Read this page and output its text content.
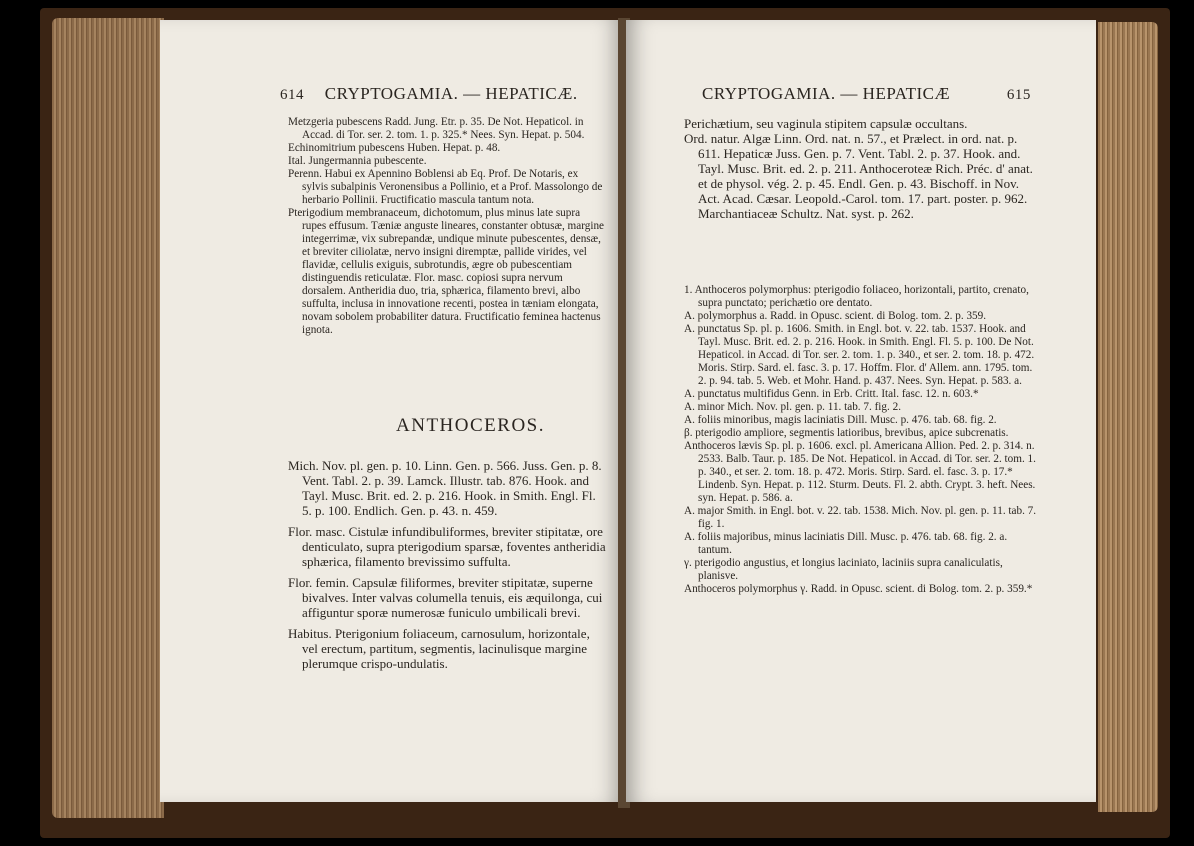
614 CRYPTOGAMIA. — HEPATICÆ.

Metzgeria pubescens Radd. Jung. Etr. p. 35. De Not. Hepaticol. in Accad. di Tor. ser. 2. tom. 1. p. 325.* Nees. Syn. Hepat. p. 504.

Echinomitrium pubescens Huben. Hepat. p. 48.

Ital. Jungermannia pubescente.

Perenn. Habui ex Apennino Boblensi ab Eq. Prof. De Notaris, ex sylvis subalpinis Veronensibus a Pollinio, et a Prof. Massolongo de herbario Pollinii. Fructificatio mascula tantum nota.

Pterigodium membranaceum, dichotomum, plus minus late supra rupes effusum. Tæniæ anguste lineares, constanter obtusæ, margine integerrimæ, vix subrepandæ, undique minute pubescentes, densæ, et breviter ciliolatæ, nervo insigni diremptæ, pallide virides, vel flavidæ, cellulis exiguis, subrotundis, ægre ob pubescentiam distinguendis reticulatæ. Flor. masc. copiosi supra nervum dorsalem. Antheridia duo, tria, sphærica, filamento brevi, albo suffulta, inclusa in innovatione recenti, postea in tæniam elongata, novam sobolem probabiliter datura. Fructificatio feminea hactenus ignota.

ANTHOCEROS.

Mich. Nov. pl. gen. p. 10. Linn. Gen. p. 566. Juss. Gen. p. 8. Vent. Tabl. 2. p. 39. Lamck. Illustr. tab. 876. Hook. and Tayl. Musc. Brit. ed. 2. p. 216. Hook. in Smith. Engl. Fl. 5. p. 100. Endlich. Gen. p. 43. n. 459.

Flor. masc. Cistulæ infundibuliformes, breviter stipitatæ, ore denticulato, supra pterigodium sparsæ, foventes antheridia sphærica, filamento brevissimo suffulta.

Flor. femin. Capsulæ filiformes, breviter stipitatæ, superne bivalves. Inter valvas columella tenuis, eis æquilonga, cui affiguntur sporæ numerosæ funiculo umbilicali brevi.

Habitus. Pterigonium foliaceum, carnosulum, horizontale, vel erectum, partitum, segmentis, lacinulisque margine plerumque crispo-undulatis.

CRYPTOGAMIA. — HEPATICÆ	615

Perichætium, seu vaginula stipitem capsulæ occultans.

Ord. natur. Algæ Linn. Ord. nat. n. 57., et Prælect. in ord. nat. p. 611. Hepaticæ Juss. Gen. p. 7. Vent. Tabl. 2. p. 37. Hook. and. Tayl. Musc. Brit. ed. 2. p. 211. Anthoceroteæ Rich. Préc. d' anat. et de physol. vég. 2. p. 45. Endl. Gen. p. 43. Bischoff. in Nov. Act. Acad. Cæsar. Leopold.-Carol. tom. 17. part. poster. p. 962. Marchantiaceæ Schultz. Nat. syst. p. 262.

1. Anthoceros polymorphus: pterigodio foliaceo, horizontali, partito, crenato, supra punctato; perichætio ore dentato.

A. polymorphus a. Radd. in Opusc. scient. di Bolog. tom. 2. p. 359.

A. punctatus Sp. pl. p. 1606. Smith. in Engl. bot. v. 22. tab. 1537. Hook. and Tayl. Musc. Brit. ed. 2. p. 216. Hook. in Smith. Engl. Fl. 5. p. 100. De Not. Hepaticol. in Accad. di Tor. ser. 2. tom. 1. p. 340., et ser. 2. tom. 18. p. 472. Moris. Stirp. Sard. el. fasc. 3. p. 17. Hoffm. Flor. d' Allem. ann. 1795. tom. 2. p. 94. tab. 5. Web. et Mohr. Hand. p. 437. Nees. Syn. Hepat. p. 583. a.

A. punctatus multifidus Genn. in Erb. Critt. Ital. fasc. 12. n. 603.*

A. minor Mich. Nov. pl. gen. p. 11. tab. 7. fig. 2.

A. foliis minoribus, magis laciniatis Dill. Musc. p. 476. tab. 68. fig. 2.

β. pterigodio ampliore, segmentis latioribus, brevibus, apice subcrenatis.

Anthoceros lævis Sp. pl. p. 1606. excl. pl. Americana Allion. Ped. 2. p. 314. n. 2533. Balb. Taur. p. 185. De Not. Hepaticol. in Accad. di Tor. ser. 2. tom. 1. p. 340., et ser. 2. tom. 18. p. 472. Moris. Stirp. Sard. el. fasc. 3. p. 17.* Lindenb. Syn. Hepat. p. 112. Sturm. Deuts. Fl. 2. abth. Crypt. 3. heft. Nees. syn. Hepat. p. 586. a.

A. major Smith. in Engl. bot. v. 22. tab. 1538. Mich. Nov. pl. gen. p. 11. tab. 7. fig. 1.

A. foliis majoribus, minus laciniatis Dill. Musc. p. 476. tab. 68. fig. 2. a. tantum.

γ. pterigodio angustius, et longius laciniato, laciniis supra canaliculatis, planisve.

Anthoceros polymorphus γ. Radd. in Opusc. scient. di Bolog. tom. 2. p. 359.*
